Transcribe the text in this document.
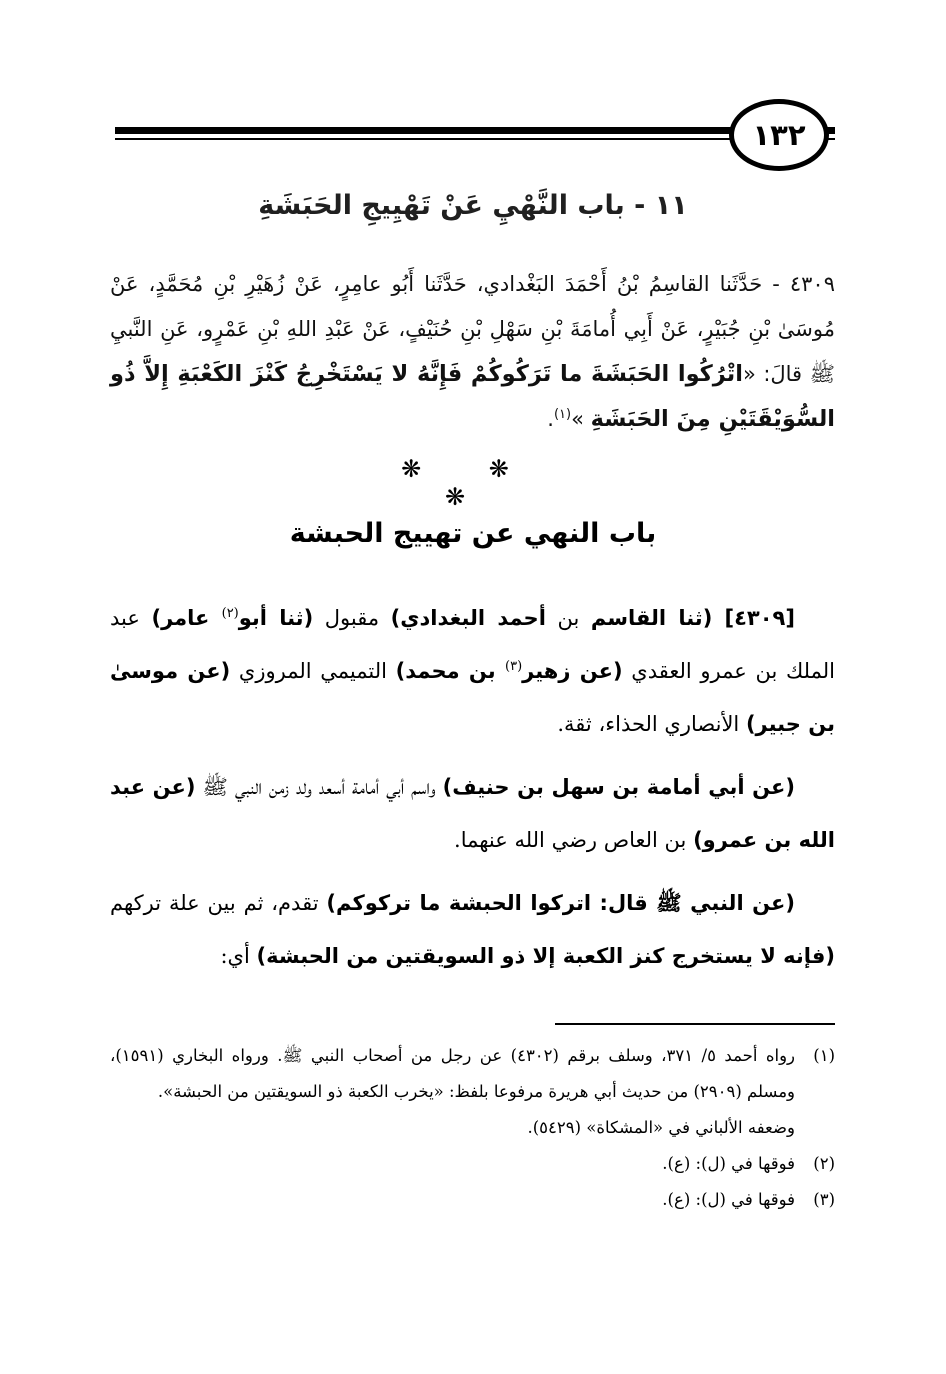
١٣٢
١١ - باب النَّهْيِ عَنْ تَهْيِيجِ الحَبَشَةِ
٤٣٠٩ - حَدَّثَنا القاسِمُ بْنُ أَحْمَدَ البَغْدادي، حَدَّثَنا أَبُو عامِرٍ، عَنْ زُهَيْرِ بْنِ مُحَمَّدٍ، عَنْ مُوسَىٰ بْنِ جُبَيْرٍ، عَنْ أَبِي أُمامَةَ بْنِ سَهْلِ بْنِ حُنَيْفٍ، عَنْ عَبْدِ اللهِ بْنِ عَمْرٍو، عَنِ النَّبيِ ﷺ قالَ: «اتْرُكُوا الحَبَشَةَ ما تَرَكُوكُمْ فَإِنَّهُ لا يَسْتَخْرِجُ كَنْزَ الكَعْبَةِ إِلاَّ ذُو السُّوَيْقَتَيْنِ مِنَ الحَبَشَةِ »$^{(١)}$.
❋ ❋ ❋
باب النهي عن تهييج الحبشة

[٤٣٠٩] (ثنا القاسم بن أحمد البغدادي) مقبول (ثنا أبو$^{(٢)}$ عامر) عبد الملك بن عمرو العقدي (عن زهير$^{(٣)}$ بن محمد) التميمي المروزي (عن موسىٰ بن جبير) الأنصاري الحذاء، ثقة.

(عن أبي أمامة بن سهل بن حنيف) واسم أبي أمامة أسعد ولد زمن النبي ﷺ (عن عبد الله بن عمرو) بن العاص رضي الله عنهما.

(عن النبي ﷺ قال: اتركوا الحبشة ما تركوكم) تقدم، ثم بين علة تركهم (فإنه لا يستخرج كنز الكعبة إلا ذو السويقتين من الحبشة) أي:

(١)
رواه أحمد ٥/ ٣٧١، وسلف برقم (٤٣٠٢) عن رجل من أصحاب النبي ﷺ. ورواه البخاري (١٥٩١)، ومسلم (٢٩٠٩) من حديث أبي هريرة مرفوعا بلفظ: «يخرب الكعبة ذو السويقتين من الحبشة».
وضعفه الألباني في «المشكاة» (٥٤٢٩).
(٢)
فوقها في (ل): (ع).
(٣)
فوقها في (ل): (ع).
